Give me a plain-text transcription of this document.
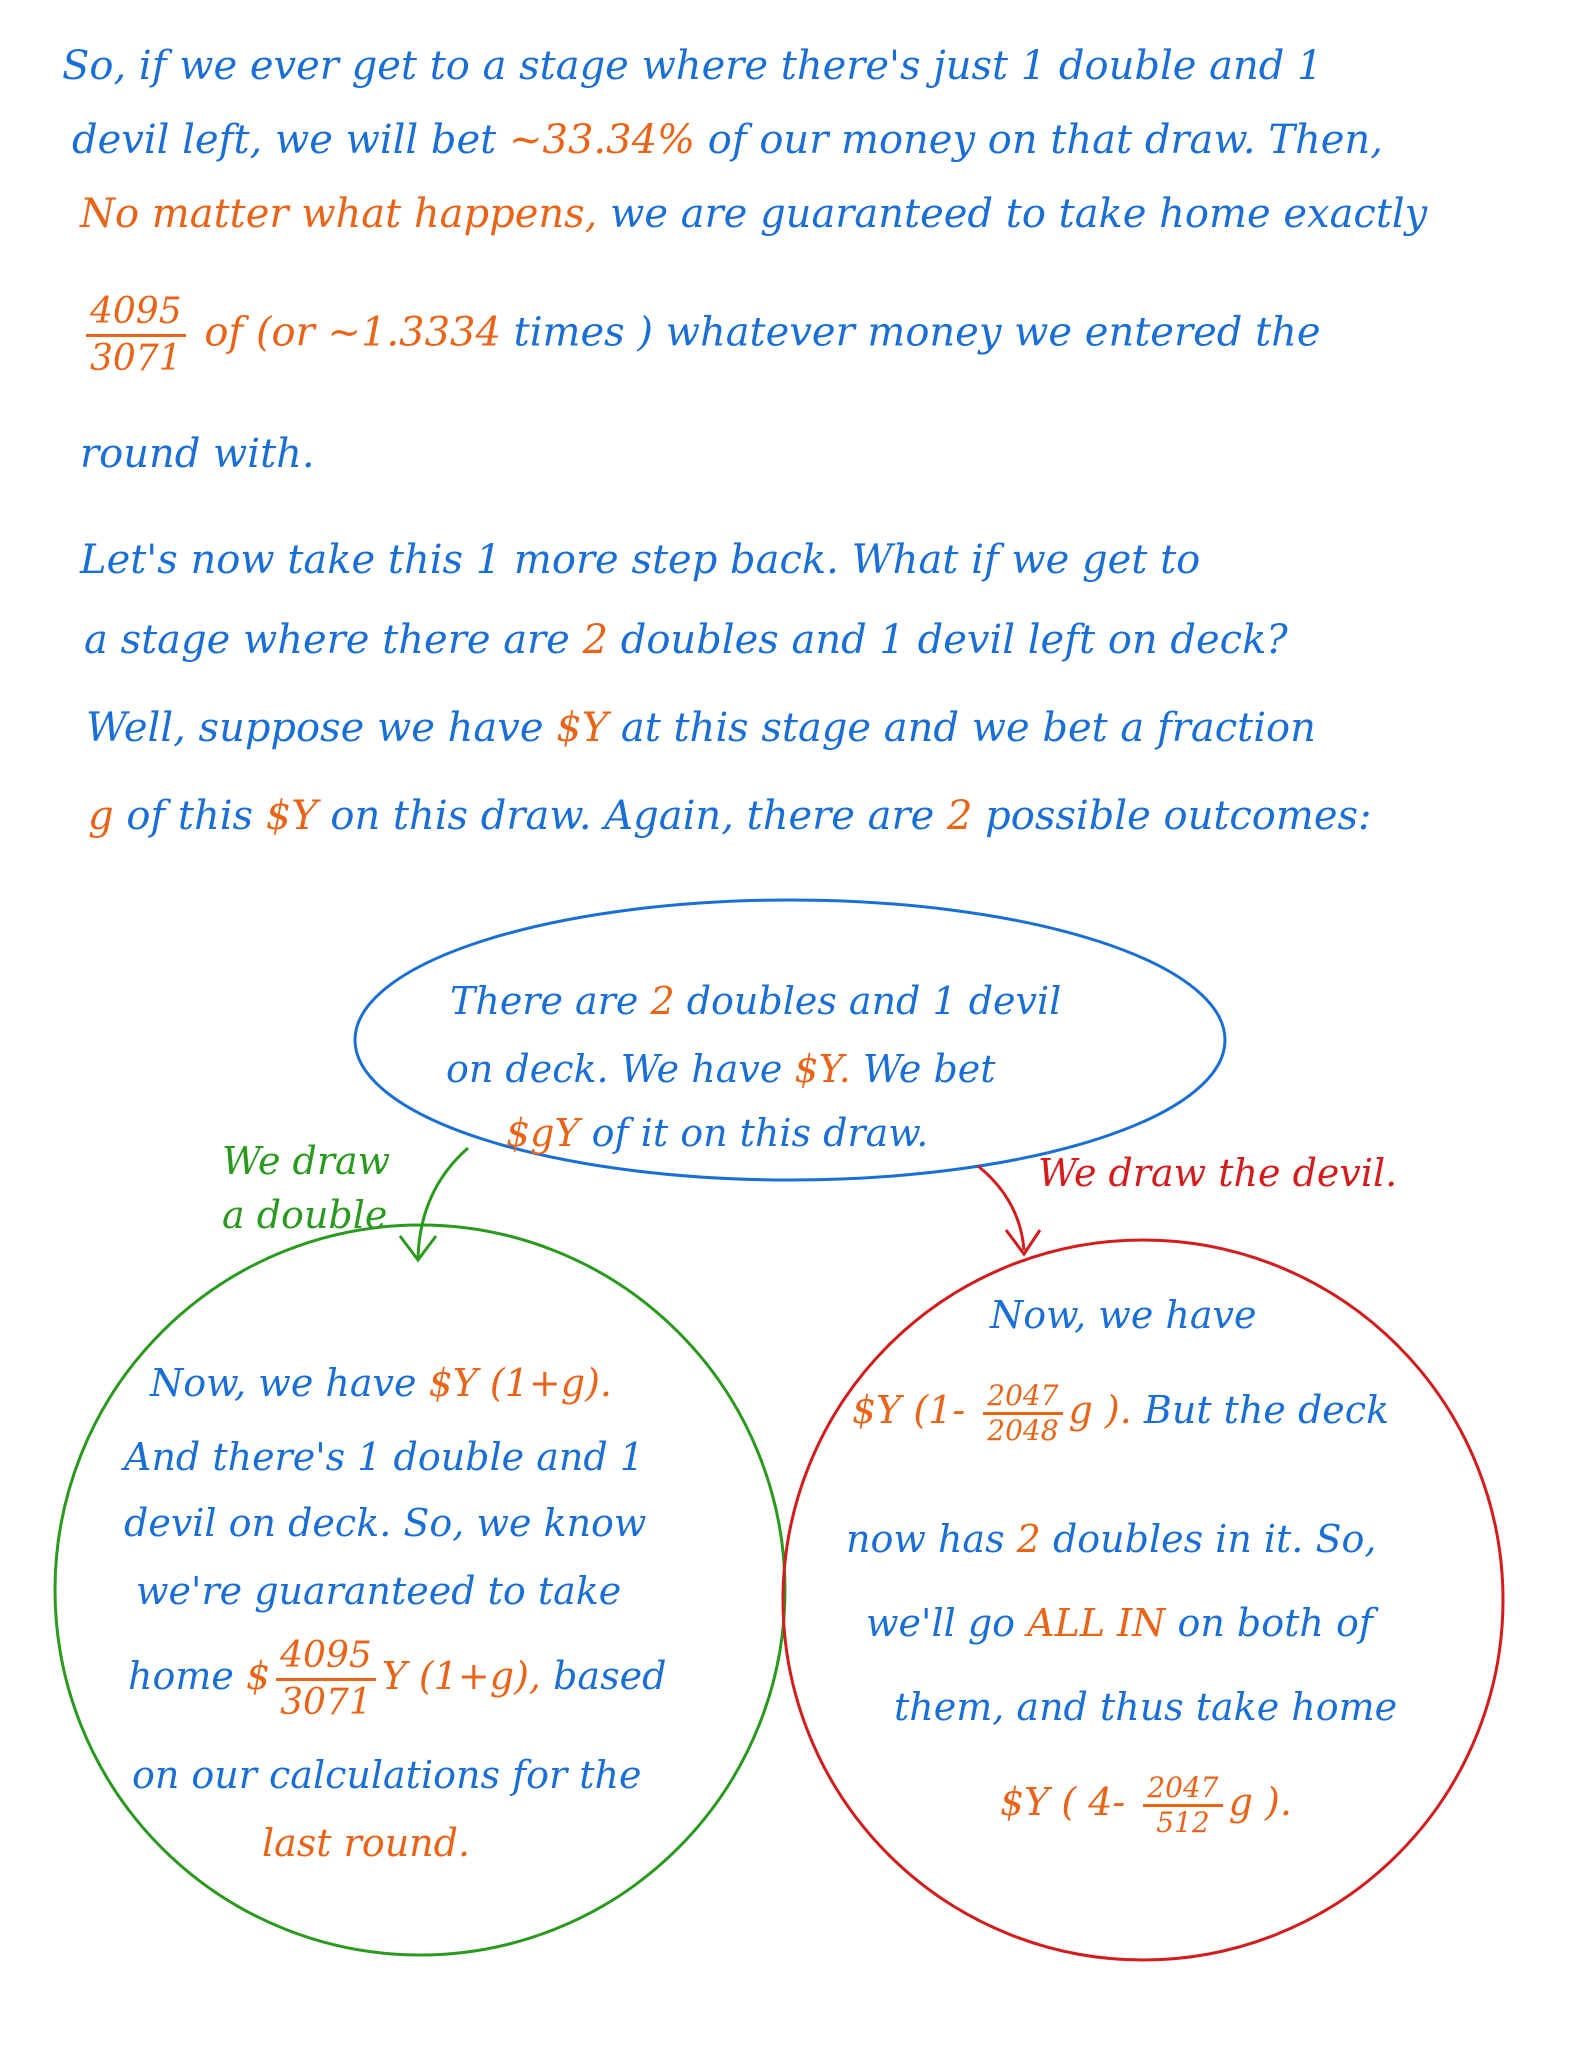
So, if we ever get to a stage where there's just 1 double and 1
devil left, we will bet ~33.34% of our money on that draw. Then,
No matter what happens, we are guaranteed to take home exactly
$\frac{4095}{3071}$ of (or ~1.3334 times ) whatever money we entered the
round with.
Let's now take this 1 more step back. What if we get to
a stage where there are 2 doubles and 1 devil left on deck?
Well, suppose we have $Y at this stage and we bet a fraction
g of this $Y on this draw. Again, there are 2 possible outcomes:
There are 2 doubles and 1 devil
on deck. We have $Y. We bet
$gY of it on this draw.
We draw
a double
We draw the devil.
Now, we have $Y (1+g).
And there's 1 double and 1
devil on deck. So, we know
we're guaranteed to take
home $ $\frac{4095}{3071}$ Y (1+g), based
on our calculations for the
last round.
Now, we have
$Y ($1- \frac{2047}{2048}$ g ). But the deck
now has 2 doubles in it. So,
we'll go ALL IN on both of
them, and thus take home
$Y ( $4- \frac{2047}{512}$ g ).
